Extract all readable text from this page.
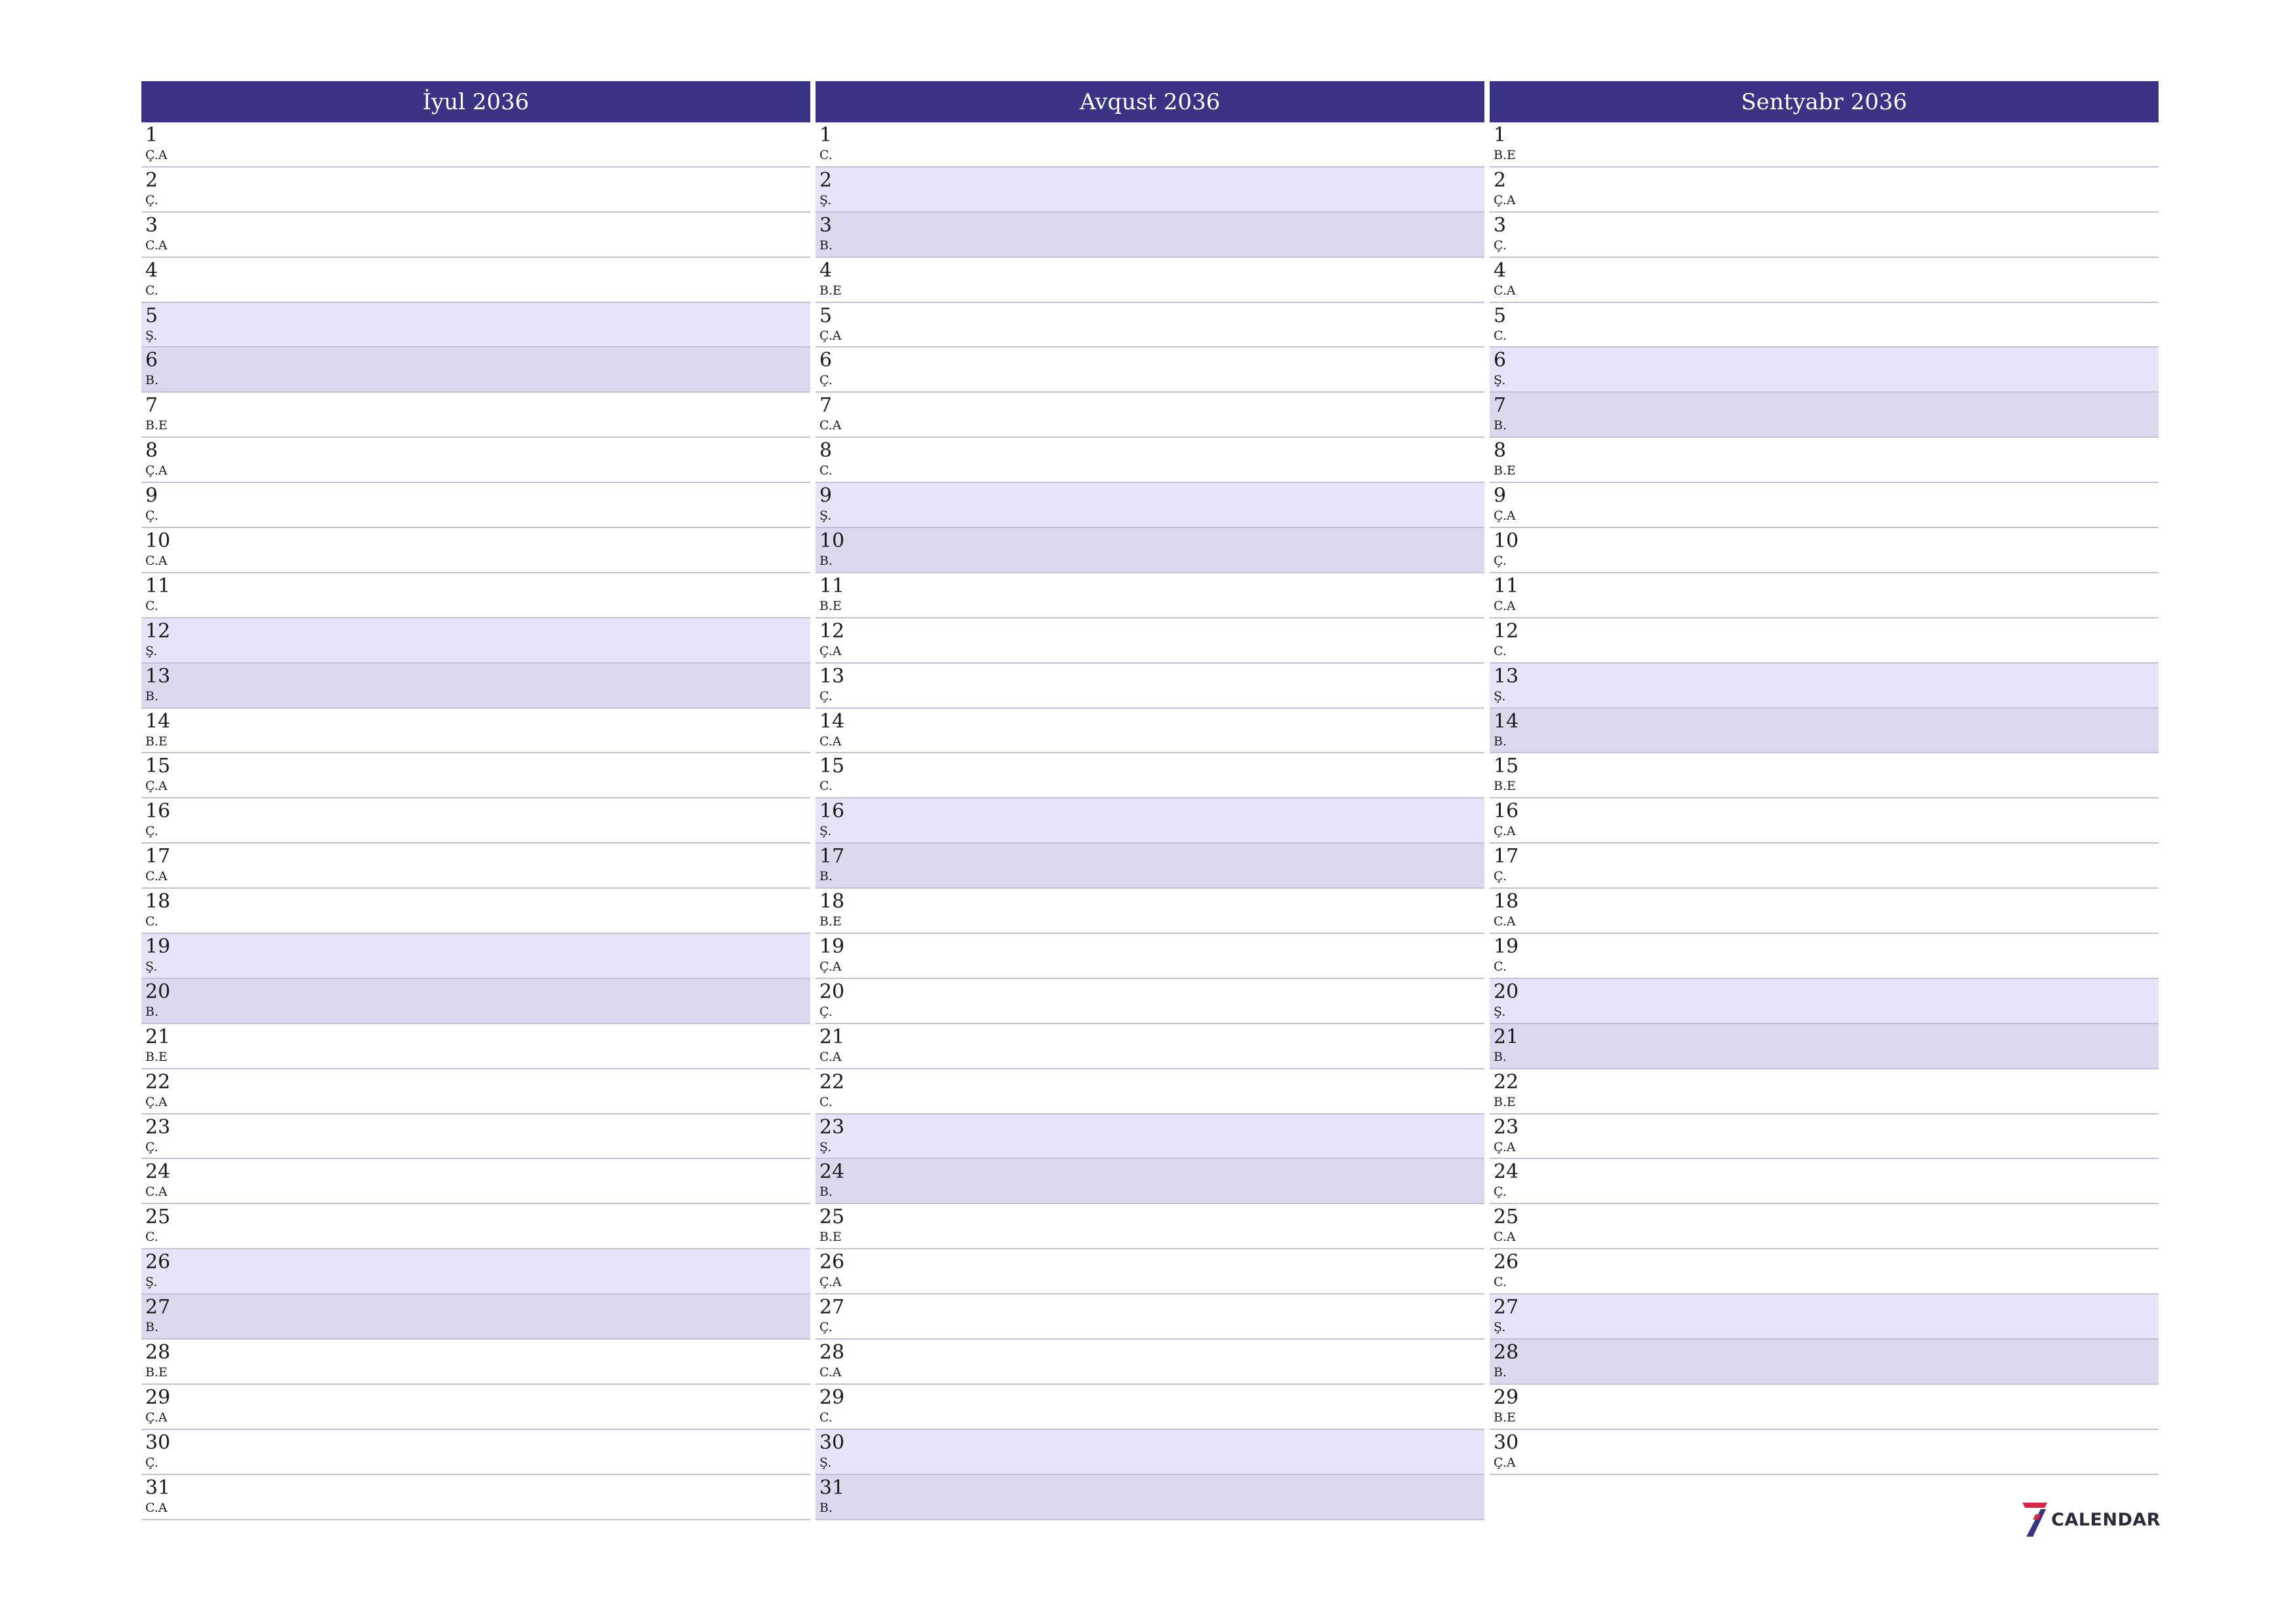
İyul 2036
1
Ç.A
2
Ç.
3
C.A
4
C.
5
Ş.
6
B.
7
B.E
8
Ç.A
9
Ç.
10
C.A
11
C.
12
Ş.
13
B.
14
B.E
15
Ç.A
16
Ç.
17
C.A
18
C.
19
Ş.
20
B.
21
B.E
22
Ç.A
23
Ç.
24
C.A
25
C.
26
Ş.
27
B.
28
B.E
29
Ç.A
30
Ç.
31
C.A
Avqust 2036
1
C.
2
Ş.
3
B.
4
B.E
5
Ç.A
6
Ç.
7
C.A
8
C.
9
Ş.
10
B.
11
B.E
12
Ç.A
13
Ç.
14
C.A
15
C.
16
Ş.
17
B.
18
B.E
19
Ç.A
20
Ç.
21
C.A
22
C.
23
Ş.
24
B.
25
B.E
26
Ç.A
27
Ç.
28
C.A
29
C.
30
Ş.
31
B.
Sentyabr 2036
1
B.E
2
Ç.A
3
Ç.
4
C.A
5
C.
6
Ş.
7
B.
8
B.E
9
Ç.A
10
Ç.
11
C.A
12
C.
13
Ş.
14
B.
15
B.E
16
Ç.A
17
Ç.
18
C.A
19
C.
20
Ş.
21
B.
22
B.E
23
Ç.A
24
Ç.
25
C.A
26
C.
27
Ş.
28
B.
29
B.E
30
Ç.A
CALENDAR
